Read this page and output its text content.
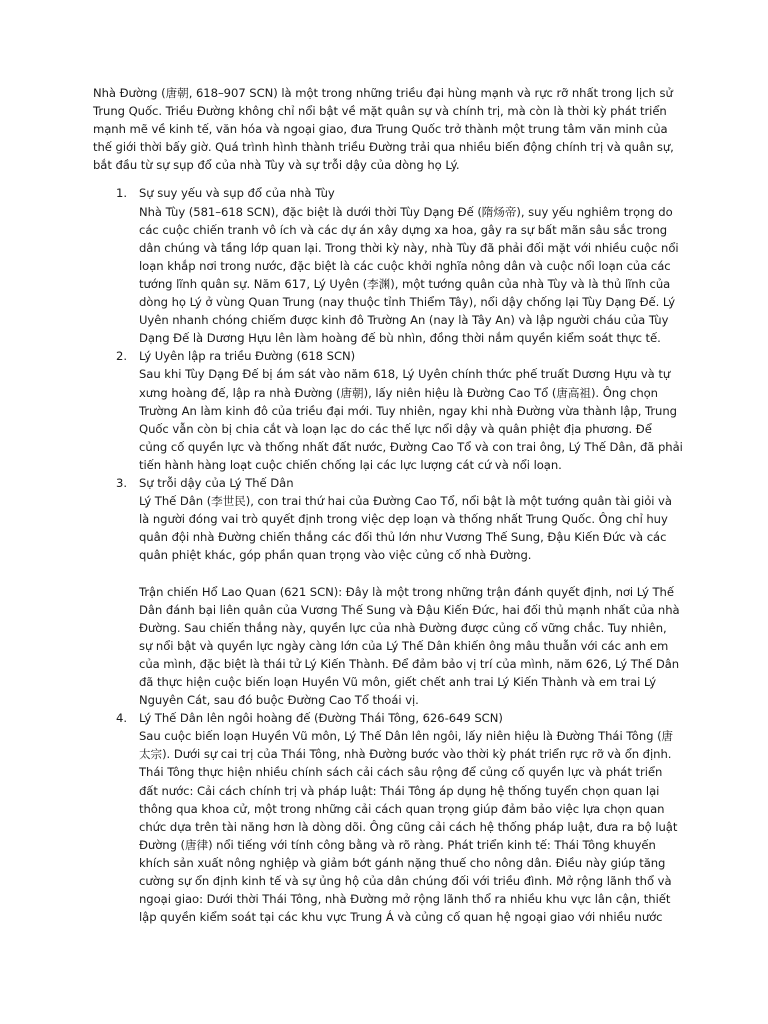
Nhà Đường (唐朝, 618–907 SCN) là một trong những triều đại hùng mạnh và rực rỡ nhất trong lịch sử Trung Quốc. Triều Đường không chỉ nổi bật về mặt quân sự và chính trị, mà còn là thời kỳ phát triển mạnh mẽ về kinh tế, văn hóa và ngoại giao, đưa Trung Quốc trở thành một trung tâm văn minh của thế giới thời bấy giờ. Quá trình hình thành triều Đường trải qua nhiều biến động chính trị và quân sự, bắt đầu từ sự sụp đổ của nhà Tùy và sự trỗi dậy của dòng họ Lý.

1. Sự suy yếu và sụp đổ của nhà Tùy

Nhà Tùy (581–618 SCN), đặc biệt là dưới thời Tùy Dạng Đế (隋炀帝), suy yếu nghiêm trọng do các cuộc chiến tranh vô ích và các dự án xây dựng xa hoa, gây ra sự bất mãn sâu sắc trong dân chúng và tầng lớp quan lại. Trong thời kỳ này, nhà Tùy đã phải đối mặt với nhiều cuộc nổi loạn khắp nơi trong nước, đặc biệt là các cuộc khởi nghĩa nông dân và cuộc nổi loạn của các tướng lĩnh quân sự. Năm 617, Lý Uyên (李渊), một tướng quân của nhà Tùy và là thủ lĩnh của dòng họ Lý ở vùng Quan Trung (nay thuộc tỉnh Thiểm Tây), nổi dậy chống lại Tùy Dạng Đế. Lý Uyên nhanh chóng chiếm được kinh đô Trường An (nay là Tây An) và lập người cháu của Tùy Dạng Đế là Dương Hựu lên làm hoàng đế bù nhìn, đồng thời nắm quyền kiểm soát thực tế.

2. Lý Uyên lập ra triều Đường (618 SCN)

Sau khi Tùy Dạng Đế bị ám sát vào năm 618, Lý Uyên chính thức phế truất Dương Hựu và tự xưng hoàng đế, lập ra nhà Đường (唐朝), lấy niên hiệu là Đường Cao Tổ (唐高祖). Ông chọn Trường An làm kinh đô của triều đại mới. Tuy nhiên, ngay khi nhà Đường vừa thành lập, Trung Quốc vẫn còn bị chia cắt và loạn lạc do các thế lực nổi dậy và quân phiệt địa phương. Để củng cố quyền lực và thống nhất đất nước, Đường Cao Tổ và con trai ông, Lý Thế Dân, đã phải tiến hành hàng loạt cuộc chiến chống lại các lực lượng cát cứ và nổi loạn.

3. Sự trỗi dậy của Lý Thế Dân

Lý Thế Dân (李世民), con trai thứ hai của Đường Cao Tổ, nổi bật là một tướng quân tài giỏi và là người đóng vai trò quyết định trong việc dẹp loạn và thống nhất Trung Quốc. Ông chỉ huy quân đội nhà Đường chiến thắng các đối thủ lớn như Vương Thế Sung, Đậu Kiến Đức và các quân phiệt khác, góp phần quan trọng vào việc củng cố nhà Đường.

Trận chiến Hổ Lao Quan (621 SCN): Đây là một trong những trận đánh quyết định, nơi Lý Thế Dân đánh bại liên quân của Vương Thế Sung và Đậu Kiến Đức, hai đối thủ mạnh nhất của nhà Đường. Sau chiến thắng này, quyền lực của nhà Đường được củng cố vững chắc. Tuy nhiên, sự nổi bật và quyền lực ngày càng lớn của Lý Thế Dân khiến ông mâu thuẫn với các anh em của mình, đặc biệt là thái tử Lý Kiến Thành. Để đảm bảo vị trí của mình, năm 626, Lý Thế Dân đã thực hiện cuộc biến loạn Huyền Vũ môn, giết chết anh trai Lý Kiến Thành và em trai Lý Nguyên Cát, sau đó buộc Đường Cao Tổ thoái vị.

4. Lý Thế Dân lên ngôi hoàng đế (Đường Thái Tông, 626-649 SCN)

Sau cuộc biến loạn Huyền Vũ môn, Lý Thế Dân lên ngôi, lấy niên hiệu là Đường Thái Tông (唐太宗). Dưới sự cai trị của Thái Tông, nhà Đường bước vào thời kỳ phát triển rực rỡ và ổn định. Thái Tông thực hiện nhiều chính sách cải cách sâu rộng để củng cố quyền lực và phát triển đất nước: Cải cách chính trị và pháp luật: Thái Tông áp dụng hệ thống tuyển chọn quan lại thông qua khoa cử, một trong những cải cách quan trọng giúp đảm bảo việc lựa chọn quan chức dựa trên tài năng hơn là dòng dõi. Ông cũng cải cách hệ thống pháp luật, đưa ra bộ luật Đường (唐律) nổi tiếng với tính công bằng và rõ ràng. Phát triển kinh tế: Thái Tông khuyến khích sản xuất nông nghiệp và giảm bớt gánh nặng thuế cho nông dân. Điều này giúp tăng cường sự ổn định kinh tế và sự ủng hộ của dân chúng đối với triều đình. Mở rộng lãnh thổ và ngoại giao: Dưới thời Thái Tông, nhà Đường mở rộng lãnh thổ ra nhiều khu vực lân cận, thiết lập quyền kiểm soát tại các khu vực Trung Á và củng cố quan hệ ngoại giao với nhiều nước
